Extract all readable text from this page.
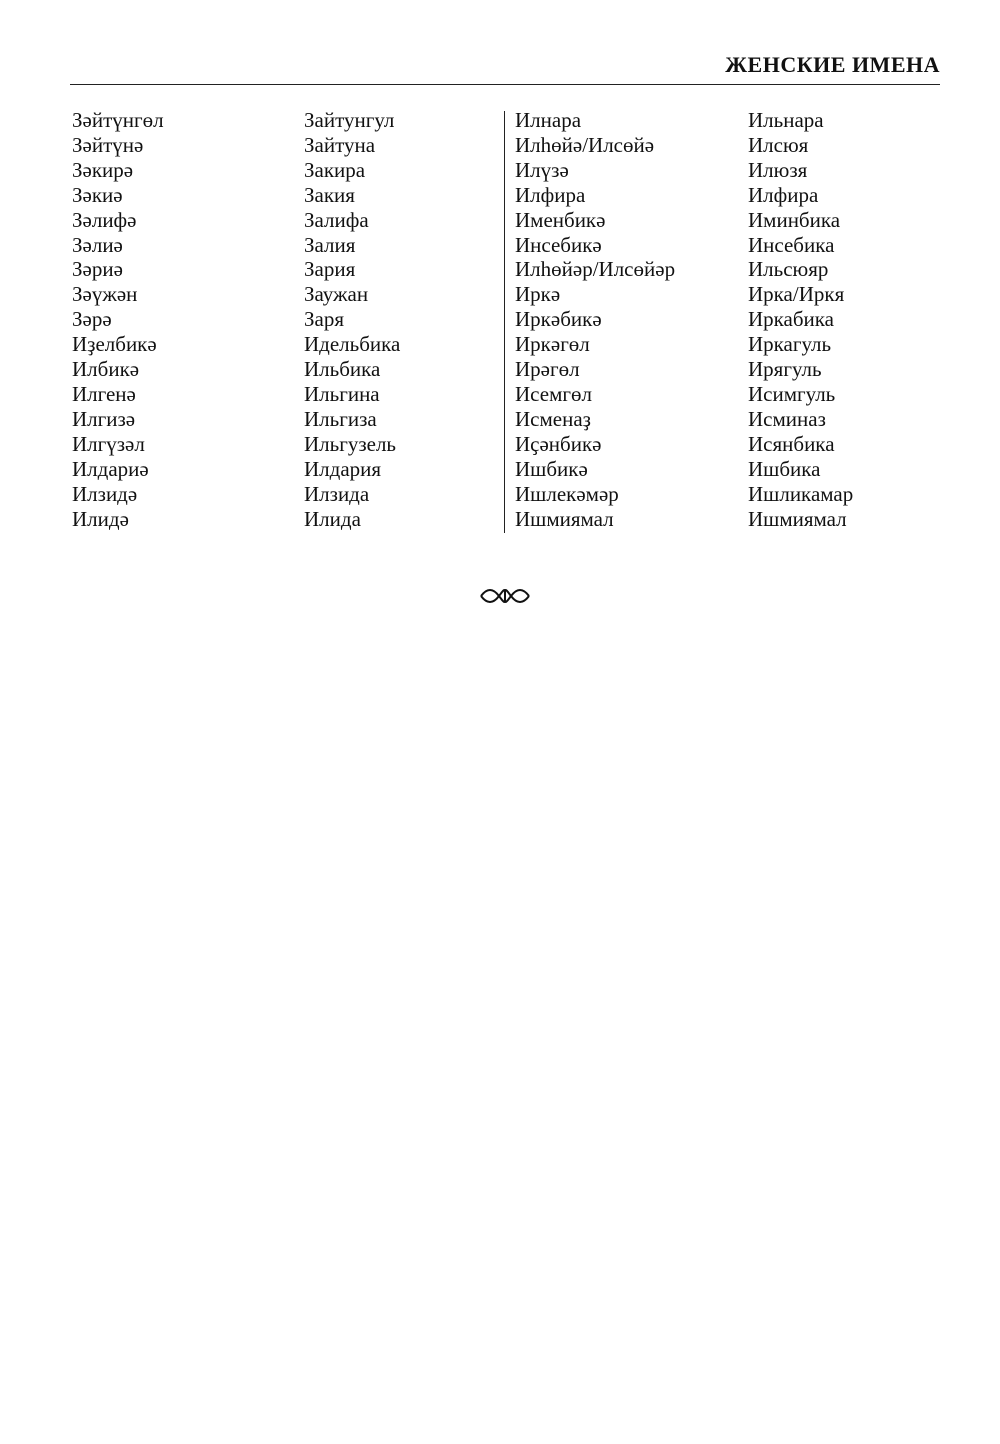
ЖЕНСКИЕ ИМЕНА
Зәйтүнгөл
Зәйтүнә
Зәкирә
Зәкиә
Зәлифә
Зәлиә
Зәриә
Зәүжән
Зәрә
Иҙелбикә
Илбикә
Илгенә
Илгизә
Илгүзәл
Илдариә
Илзидә
Илидә
Зайтунгул
Зайтуна
Закира
Закия
Залифа
Залия
Зария
Заужан
Заря
Идельбика
Ильбика
Ильгина
Ильгиза
Ильгузель
Илдария
Илзида
Илида
Илнара
Илһөйә/Илсөйә
Илүзә
Илфира
Именбикә
Инсебикә
Илһөйәр/Илсөйәр
Иркә
Иркәбикә
Иркәгөл
Ирәгөл
Исемгөл
Исменаҙ
Иҫәнбикә
Ишбикә
Ишлекәмәр
Ишмиямал
Ильнара
Илсюя
Илюзя
Илфира
Иминбика
Инсебика
Ильсюяр
Ирка/Иркя
Иркабика
Иркагуль
Ирягуль
Исимгуль
Исминаз
Исянбика
Ишбика
Ишликамар
Ишмиямал
